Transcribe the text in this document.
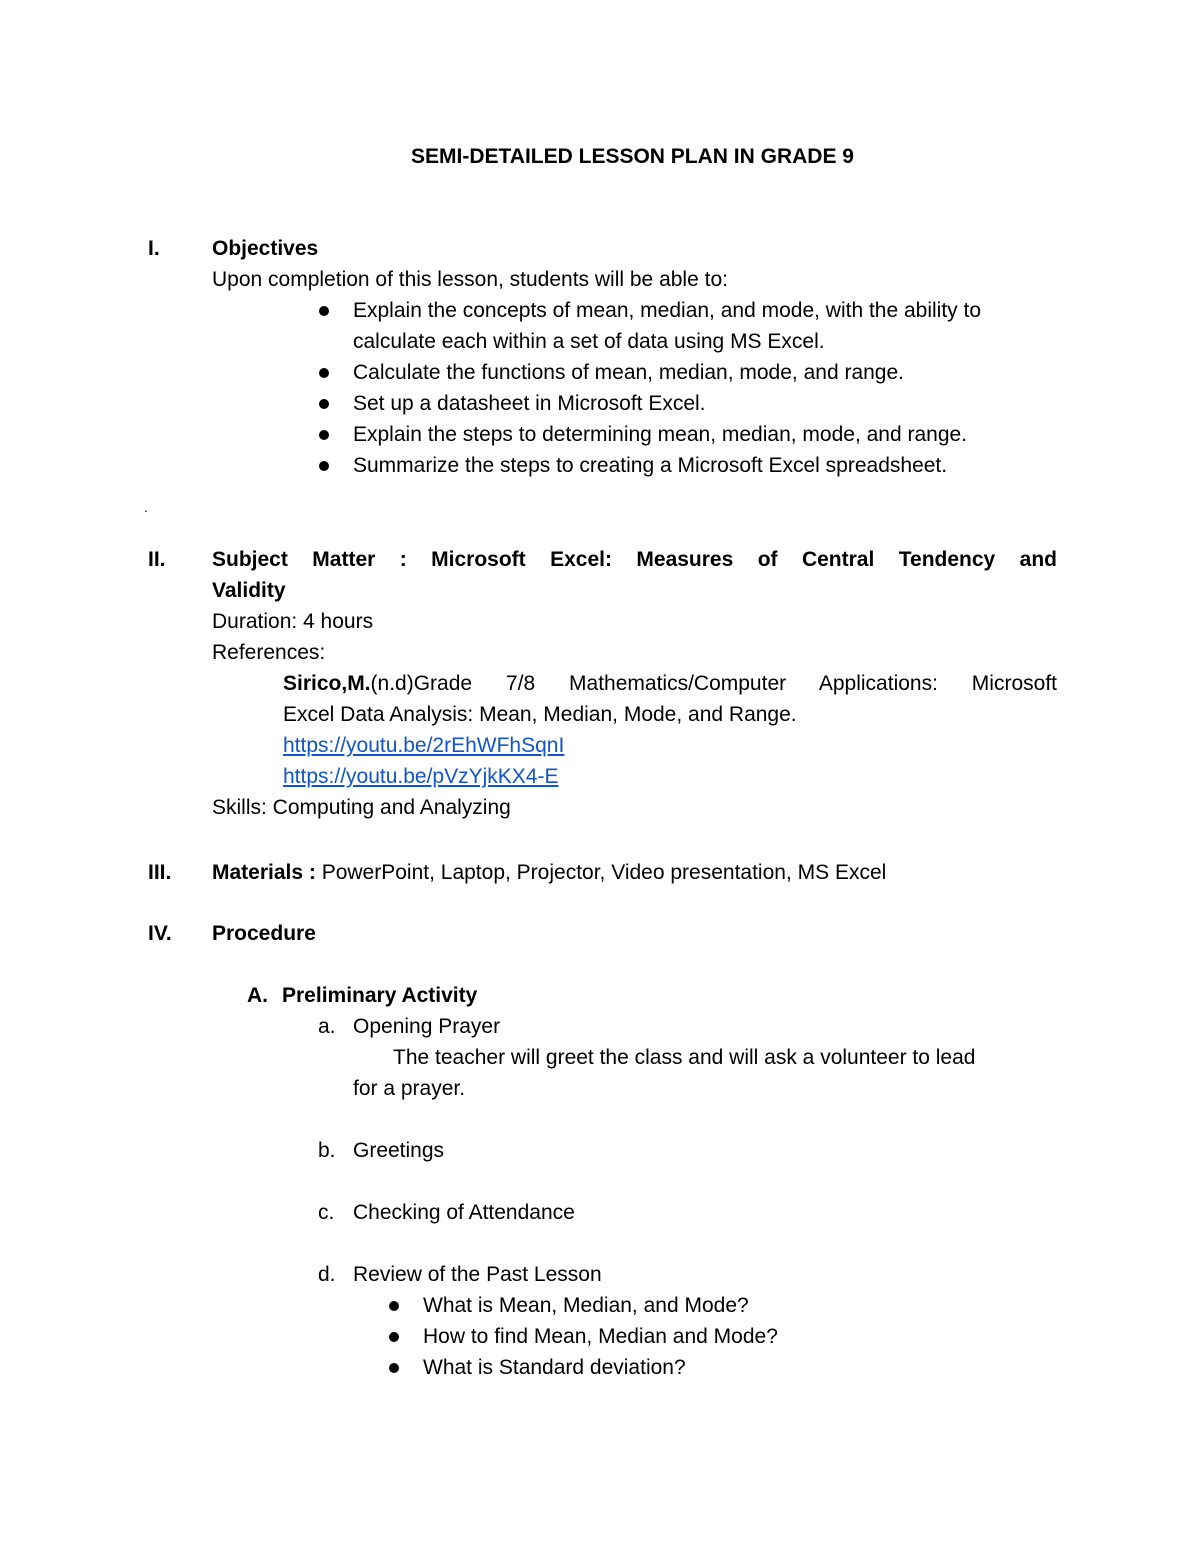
SEMI-DETAILED LESSON PLAN IN GRADE 9
I. Objectives
Upon completion of this lesson, students will be able to:
Explain the concepts of mean, median, and mode, with the ability to
calculate each within a set of data using MS Excel.
Calculate the functions of mean, median, mode, and range.
Set up a datasheet in Microsoft Excel.
Explain the steps to determining mean, median, mode, and range.
Summarize the steps to creating a Microsoft Excel spreadsheet.
.
II. Subject Matter : Microsoft Excel: Measures of Central Tendency and
Validity
Duration: 4 hours
References:
Sirico,M.(n.d)Grade 7/8 Mathematics/Computer Applications: Microsoft
Excel Data Analysis: Mean, Median, Mode, and Range.
https://youtu.be/2rEhWFhSqnI
https://youtu.be/pVzYjkKX4-E
Skills: Computing and Analyzing
III. Materials : PowerPoint, Laptop, Projector, Video presentation, MS Excel
IV. Procedure
A. Preliminary Activity
a. Opening Prayer
The teacher will greet the class and will ask a volunteer to lead
for a prayer.
b. Greetings
c. Checking of Attendance
d. Review of the Past Lesson
What is Mean, Median, and Mode?
How to find Mean, Median and Mode?
What is Standard deviation?
